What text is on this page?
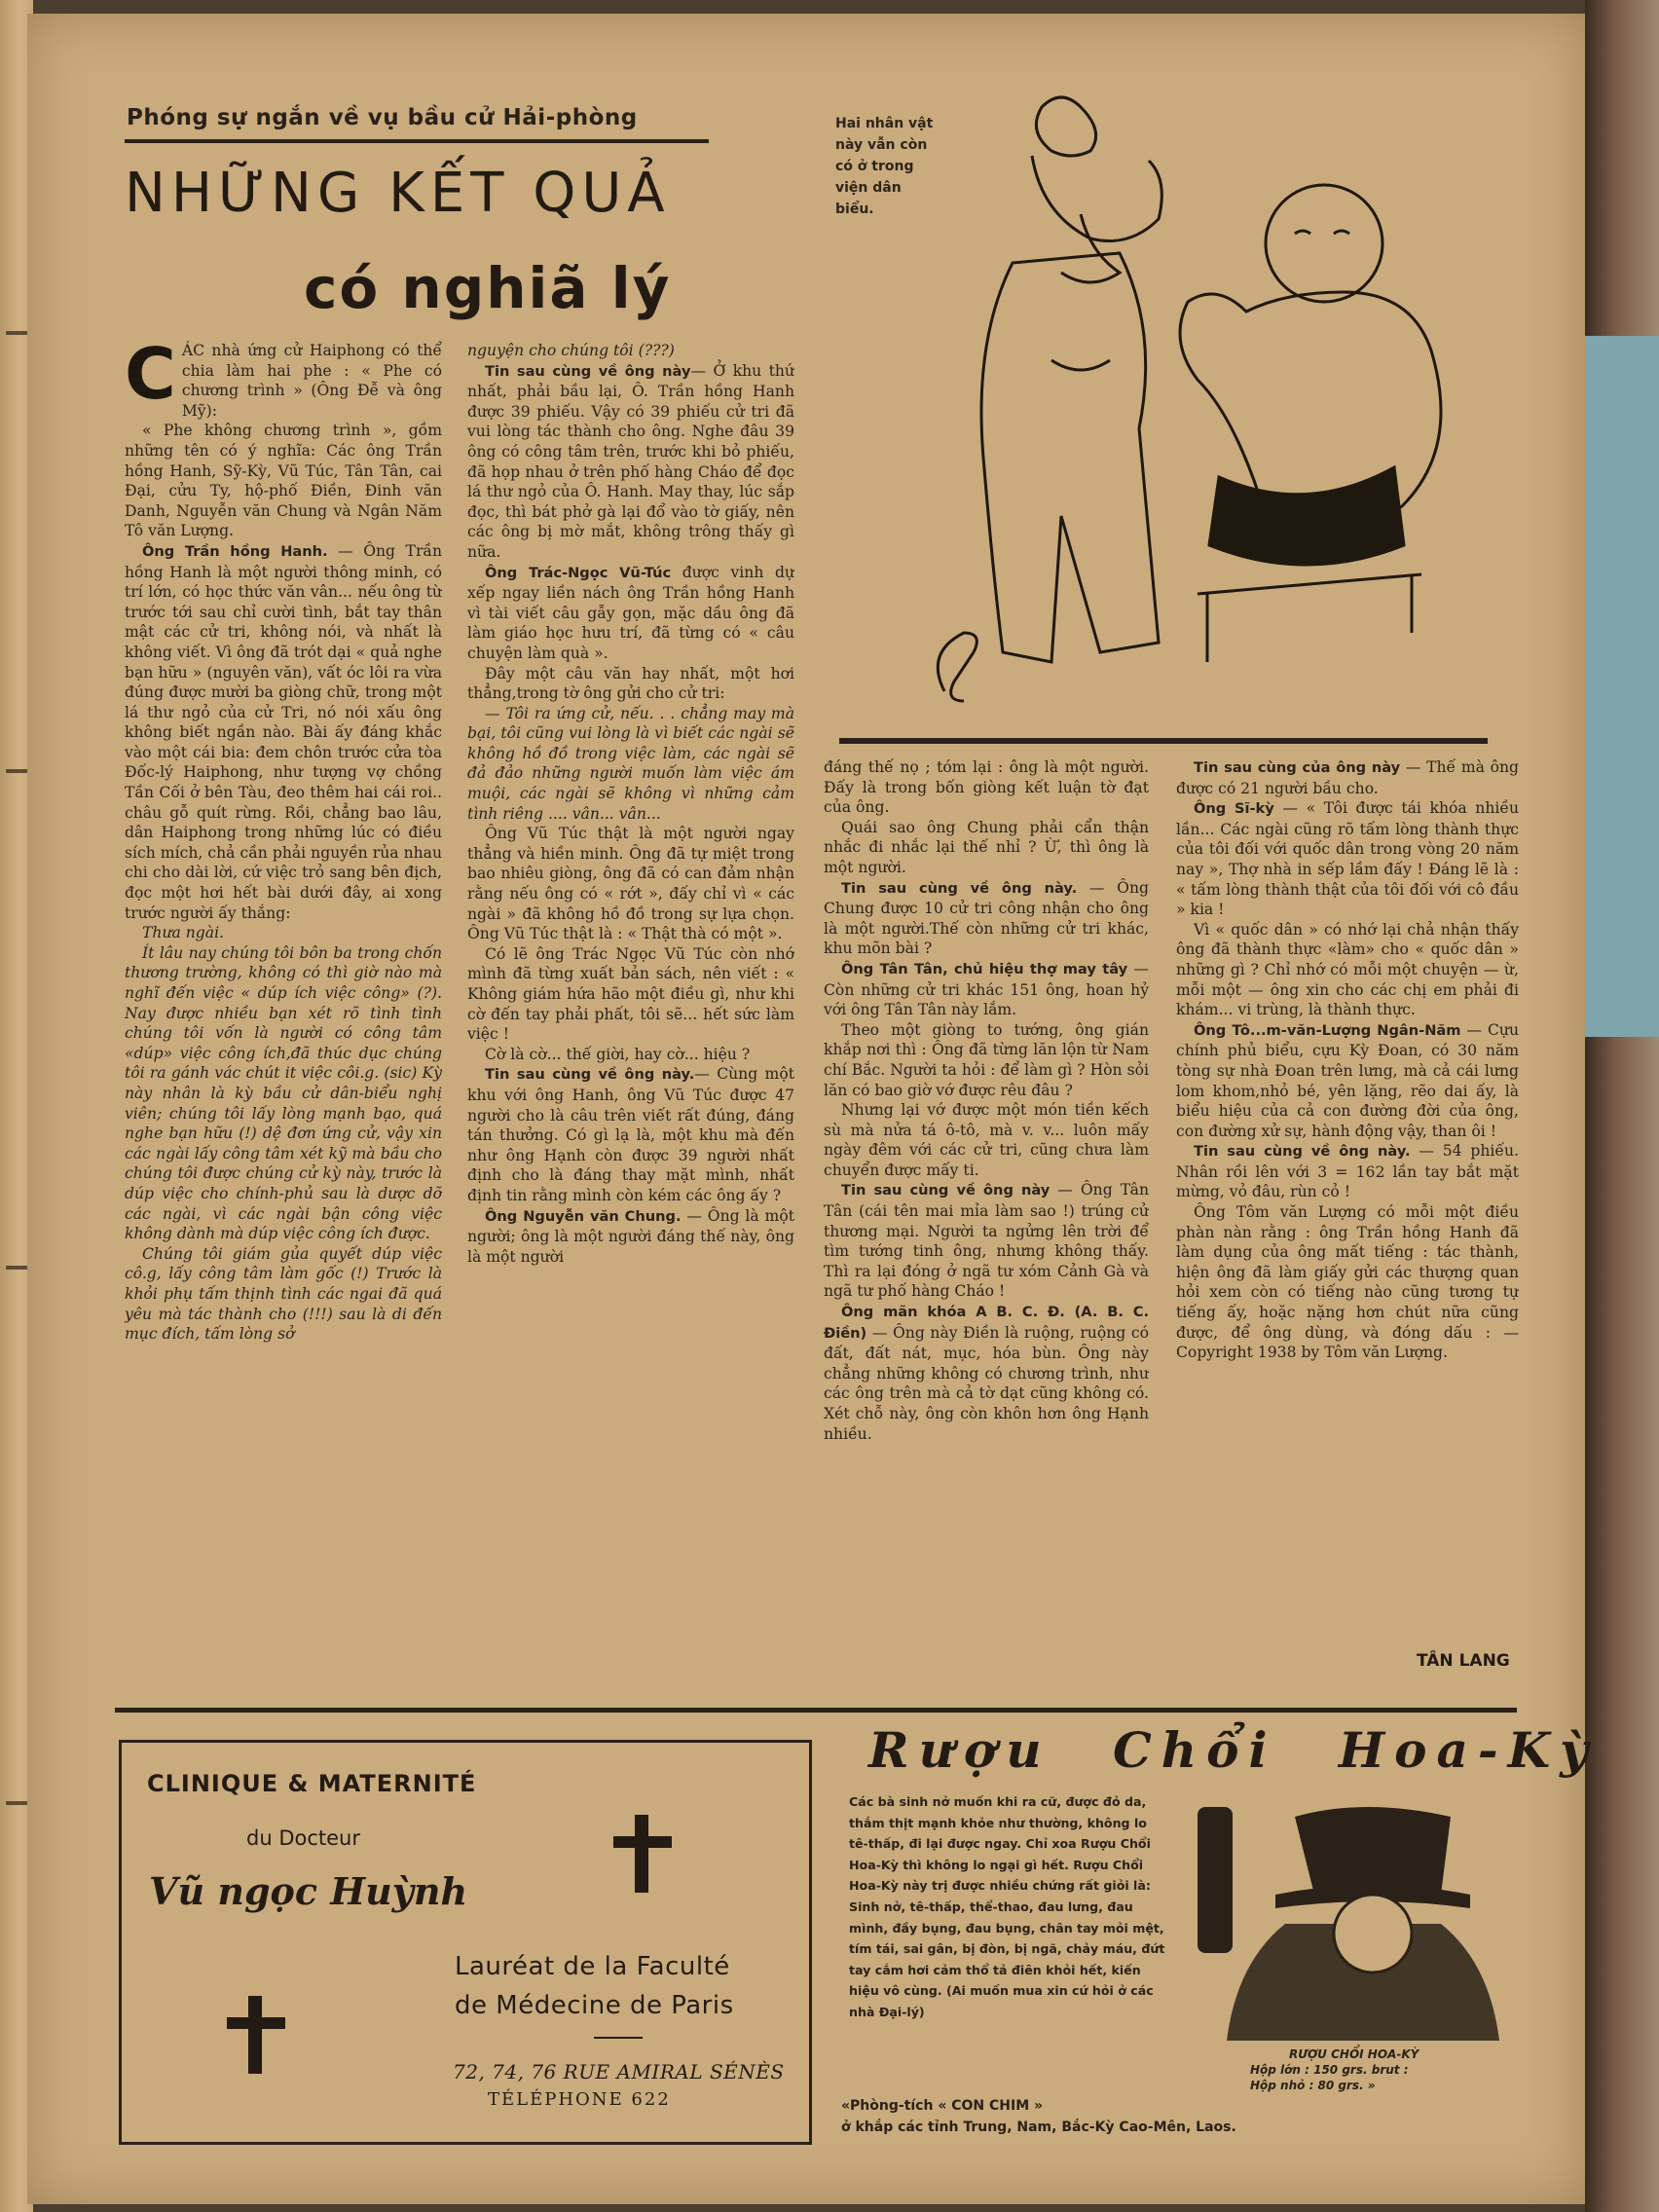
Phóng sự ngắn về vụ bầu cử Hải-phòng
NHỮNG KẾT QUẢ
có nghiã lý
Hai nhân vật này vẫn còn có ở trong viện dân biểu.

CÁC nhà ứng cử Haiphong có thể chia làm hai phe : « Phe có chương trình » (Ông Đễ và ông Mỹ):

« Phe không chương trình », gồm những tên có ý nghĩa: Các ông Trần hồng Hanh, Sỹ-Kỳ, Vũ Túc, Tân Tân, cai Đại, cửu Ty, hộ-phố Điền, Đinh văn Danh, Nguyễn văn Chung và Ngân Năm Tô văn Lượng.

Ông Trần hồng Hanh. — Ông Trần hồng Hanh là một người thông minh, có trí lớn, có học thức văn vân... nếu ông từ trước tới sau chỉ cười tình, bắt tay thân mật các cử tri, không nói, và nhất là không viết. Vì ông đã trót dại « quả nghe bạn hữu » (nguyên văn), vất óc lôi ra vừa đúng được mười ba giòng chữ, trong một lá thư ngỏ của cử Tri, nó nói xấu ông không biết ngần nào. Bài ấy đáng khắc vào một cái bia: đem chôn trước cửa tòa Đốc-lý Haiphong, như tượng vợ chồng Tần Cối ở bên Tàu, đeo thêm hai cái roi.. châu gỗ quít rừng. Rồi, chẳng bao lâu, dân Haiphong trong những lúc có điều sích mích, chả cần phải nguyền rủa nhau chi cho dài lời, cứ việc trỏ sang bên địch, đọc một hơi hết bài dưới đây, ai xong trước người ấy thắng:

Thưa ngài.

Ít lâu nay chúng tôi bôn ba trong chốn thương trường, không có thì giờ nào mà nghĩ đến việc « dúp ích việc công» (?). Nay được nhiều bạn xét rõ tình tình chúng tôi vốn là người có công tâm «dúp» việc công ích,đã thúc dục chúng tôi ra gánh vác chút it việc côi.g. (sic) Kỳ này nhân là kỳ bầu cử dân-biểu nghị viên; chúng tôi lấy lòng mạnh bạo, quá nghe bạn hữu (!) dệ đơn ứng cử, vậy xin các ngài lấy công tâm xét kỹ mà bầu cho chúng tôi được chúng cử kỳ này, trước là dúp việc cho chính-phủ sau là dược dỡ các ngài, vì các ngài bận công việc không dành mà dúp việc công ích được.

Chúng tôi giám gủa quyết dúp việc cô.g, lấy công tâm làm gốc (!) Trước là khỏi phụ tấm thịnh tình các ngai đã quá yêu mà tác thành cho (!!!) sau là di đến mục đích, tấm lòng sở

nguyện cho chúng tôi (???)

Tin sau cùng về ông này— Ở khu thứ nhất, phải bầu lại, Ô. Trần hồng Hanh được 39 phiếu. Vậy có 39 phiếu cử tri đã vui lòng tác thành cho ông. Nghe đâu 39 ông có công tâm trên, trước khi bỏ phiếu, đã họp nhau ở trên phố hàng Cháo để đọc lá thư ngỏ của Ô. Hanh. May thay, lúc sắp đọc, thì bát phở gà lại đổ vào tờ giấy, nên các ông bị mờ mắt, không trông thấy gì nữa.

Ông Trác-Ngọc Vũ-Túc được vinh dự xếp ngay liền nách ông Trần hồng Hanh vì tài viết câu gẫy gọn, mặc dầu ông đã làm giáo học hưu trí, đã từng có « câu chuyện làm quà ».

Đây một câu văn hay nhất, một hơi thẳng,trong tờ ông gửi cho cử tri:

— Tôi ra ứng cử, nếu. . . chẳng may mà bại, tôi cũng vui lòng là vì biết các ngài sẽ không hồ đồ trong việc làm, các ngài sẽ đả đảo những người muốn làm việc ám muội, các ngài sẽ không vì những cảm tình riêng .... vân... vân...

Ông Vũ Túc thật là một người ngay thẳng và hiền minh. Ông đã tự miệt trong bao nhiêu giòng, ông đã có can đảm nhận rằng nếu ông có « rớt », đấy chỉ vì « các ngài » đã không hồ đồ trong sự lựa chọn. Ông Vũ Túc thật là : « Thật thà có một ».

Có lẽ ông Trác Ngọc Vũ Túc còn nhớ mình đã từng xuất bản sách, nên viết : « Không giám hứa hão một điều gì, như khi cờ đến tay phải phất, tôi sẽ... hết sức làm việc !

Cờ là cờ... thế giời, hay cờ... hiệu ?

Tin sau cùng về ông này.— Cùng một khu với ông Hanh, ông Vũ Túc được 47 người cho là câu trên viết rất đúng, đáng tán thưởng. Có gì lạ là, một khu mà đến như ông Hạnh còn được 39 người nhất định cho là đáng thay mặt mình, nhất định tin rằng mình còn kém các ông ấy ?

Ông Nguyễn văn Chung. — Ông là một người; ông là một người đáng thế này, ông là một người

đáng thế nọ ; tóm lại : ông là một người. Đấy là trong bốn giòng kết luận tờ đạt của ông.

Quái sao ông Chung phải cẩn thận nhắc đi nhắc lại thế nhỉ ? Ừ, thì ông là một người.

Tin sau cùng về ông này. — Ông Chung được 10 cử tri công nhận cho ông là một người.Thế còn những cử tri khác, khu mõn bài ?

Ông Tân Tân, chủ hiệu thợ may tây — Còn những cử tri khác 151 ông, hoan hỷ với ông Tân Tân này lắm.

Theo một giòng to tướng, ông gián khắp nơi thì : Ông đã từng lăn lộn từ Nam chí Bắc. Người ta hỏi : để làm gì ? Hòn sỏi lăn có bao giờ vớ được rêu đâu ?

Nhưng lại vớ được một món tiền kếch sù mà nửa tá ô-tô, mà v. v... luôn mấy ngày đêm với các cử tri, cũng chưa làm chuyển được mấy ti.

Tin sau cùng về ông này — Ông Tân Tân (cái tên mai mỉa làm sao !) trúng cử thương mại. Người ta ngửng lên trời để tìm tướng tinh ông, nhưng không thấy. Thì ra lại đóng ở ngã tư xóm Cảnh Gà và ngã tư phố hàng Cháo !

Ông mãn khóa A B. C. Đ. (A. B. C. Điền) — Ông này Điền là ruộng, ruộng có đất, đất nát, mục, hóa bùn. Ông này chẳng những không có chương trình, như các ông trên mà cả tờ dạt cũng không có. Xét chỗ này, ông còn khôn hơn ông Hạnh nhiều.

Tin sau cùng của ông này — Thế mà ông được có 21 người bầu cho.

Ông Sĩ-kỳ — « Tôi được tái khóa nhiều lần... Các ngài cũng rõ tấm lòng thành thực của tôi đối với quốc dân trong vòng 20 năm nay », Thợ nhà in sếp lầm đấy ! Đáng lẽ là : « tấm lòng thành thật của tôi đối với cô đầu » kia !

Vì « quốc dân » có nhớ lại chả nhận thấy ông đã thành thực «làm» cho « quốc dân » những gì ? Chỉ nhớ có mỗi một chuyện — ừ, mỗi một — ông xin cho các chị em phải đi khám... vi trùng, là thành thực.

Ông Tô...m-văn-Lượng Ngân-Năm — Cựu chính phủ biểu, cựu Kỳ Đoan, có 30 năm tòng sự nhà Đoan trên lưng, mà cả cái lưng lom khom,nhỏ bé, yên lặng, rẽo dai ấy, là biểu hiệu của cả con đường đời của ông, con đường xử sự, hành động vậy, than ôi !

Tin sau cùng về ông này. — 54 phiếu. Nhân rồi lên với 3 = 162 lần tay bắt mặt mừng, vỏ đâu, rùn cỏ !

Ông Tôm văn Lượng có mỗi một điều phàn nàn rằng : ông Trần hồng Hanh đã làm dụng của ông mất tiếng : tác thành, hiện ông đã làm giấy gửi các thượng quan hỏi xem còn có tiếng nào cũng tương tự tiếng ấy, hoặc nặng hơn chút nữa cũng được, để ông dùng, và đóng dấu : — Copyright 1938 by Tôm văn Lượng.

TÂN LANG
CLINIQUE & MATERNITÉ
du Docteur
Vũ ngọc Huỳnh
Lauréat de la Faculté
de Médecine de Paris
72, 74, 76 RUE AMIRAL SÉNÈS
TÉLÉPHONE 622
Rượu Chổi Hoa-Kỳ
Các bà sinh nở muốn khi ra cữ, được đỏ da, thắm thịt mạnh khỏe như thường, không lo tê-thấp, đi lại được ngay. Chỉ xoa Rượu Chổi Hoa-Kỳ thì không lo ngại gì hết. Rượu Chổi Hoa-Kỳ này trị được nhiều chứng rất giỏi là: Sinh nở, tê-thấp, thể-thao, đau lưng, đau mình, đầy bụng, đau bụng, chân tay mỏi mệt, tím tái, sai gân, bị đòn, bị ngã, chảy máu, đứt tay cắm hơi cảm thổ tả điên khỏi hết, kiến hiệu vô cùng. (Ai muốn mua xin cứ hỏi ở các nhà Đại-lý)
RƯỢU CHỔI HOA-KỲ
Hộp lớn : 150 grs. brut :
Hộp nhỏ : 80 grs. »
«Phòng-tích « CON CHIM »
ở khắp các tỉnh Trung, Nam, Bắc-Kỳ Cao-Mên, Laos.
